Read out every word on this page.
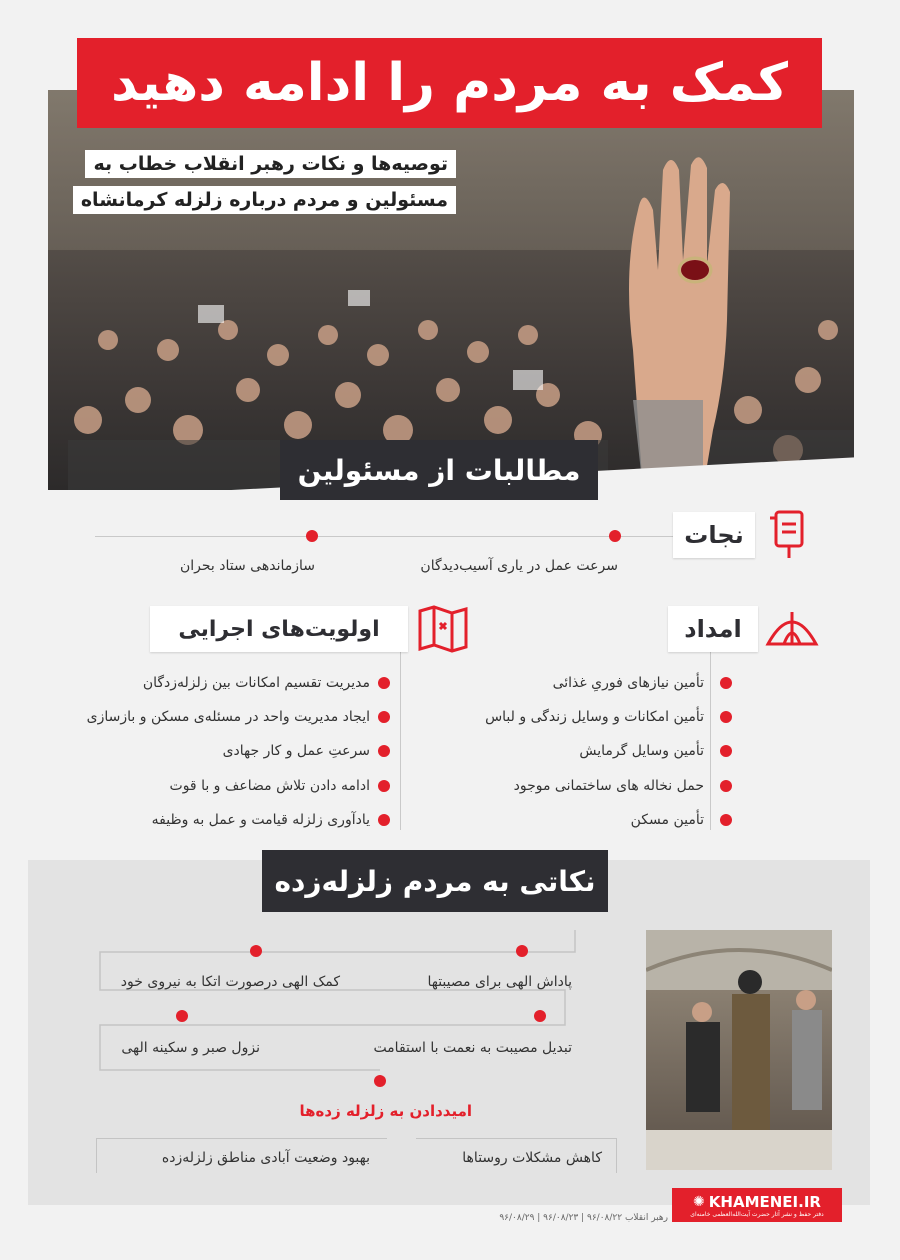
کمک به مردم را ادامه دهید
توصیه‌ها و نکات رهبر انقلاب خطاب به
مسئولین و مردم درباره زلزله کرمانشاه
مطالبات از مسئولین
نجات
سرعت عمل در یاری آسیب‌دیدگان
سازماندهی ستاد بحران
امداد
تأمین نیازهای فوریِ غذائی
تأمین امکانات و وسایل زندگی و لباس
تأمین وسایل گرمایش
حمل نخاله های ساختمانی موجود
تأمین مسکن
اولویت‌های اجرایی
مدیریت تقسیم امکانات بین زلزله‌زدگان
ایجاد مدیریت واحد در مسئله‌ی مسکن و بازسازی
سرعتِ عمل و کار جهادی
ادامه دادن تلاش مضاعف و با قوت
یادآوری زلزله قیامت و عمل به وظیفه
نکاتی به مردم زلزله‌زده
پاداش الهی برای مصیبتها
کمک الهی درصورت اتکا به نیروی خود
تبدیل مصیبت به نعمت با استقامت
نزول صبر و سکینه الهی
امیددادن به زلزله زده‌ها
کاهش مشکلات روستاها
بهبود وضعیت آبادی مناطق زلزله‌زده
✺ KHAMENEI.IR
دفتر حفظ و نشر آثار حضرت آیت‌الله‌العظمی خامنه‌ای
رهبر انقلاب ۹۶/۰۸/۲۲ | ۹۶/۰۸/۲۳ | ۹۶/۰۸/۲۹
